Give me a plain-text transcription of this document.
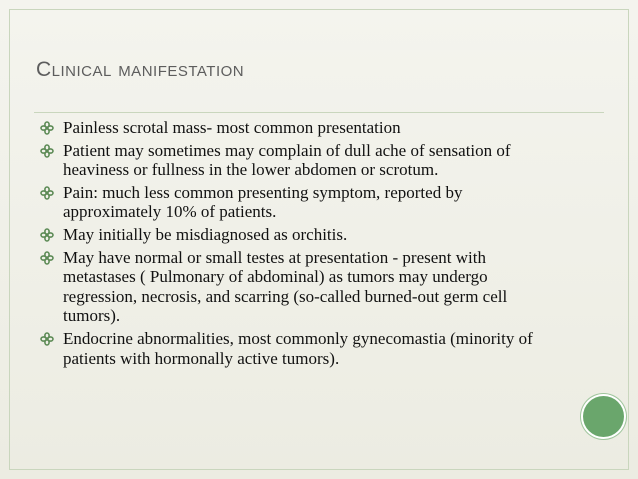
Clinical manifestation
Painless scrotal mass- most common presentation
Patient may sometimes may complain of dull ache of sensation of heaviness or fullness in the lower abdomen or scrotum.
Pain: much less common presenting symptom, reported by approximately 10% of patients.
May initially be misdiagnosed as orchitis.
May have normal or small testes at presentation - present with metastases ( Pulmonary of abdominal) as tumors may undergo regression, necrosis, and scarring (so-called burned-out germ cell tumors).
Endocrine abnormalities, most commonly gynecomastia (minority of patients with hormonally active tumors).
